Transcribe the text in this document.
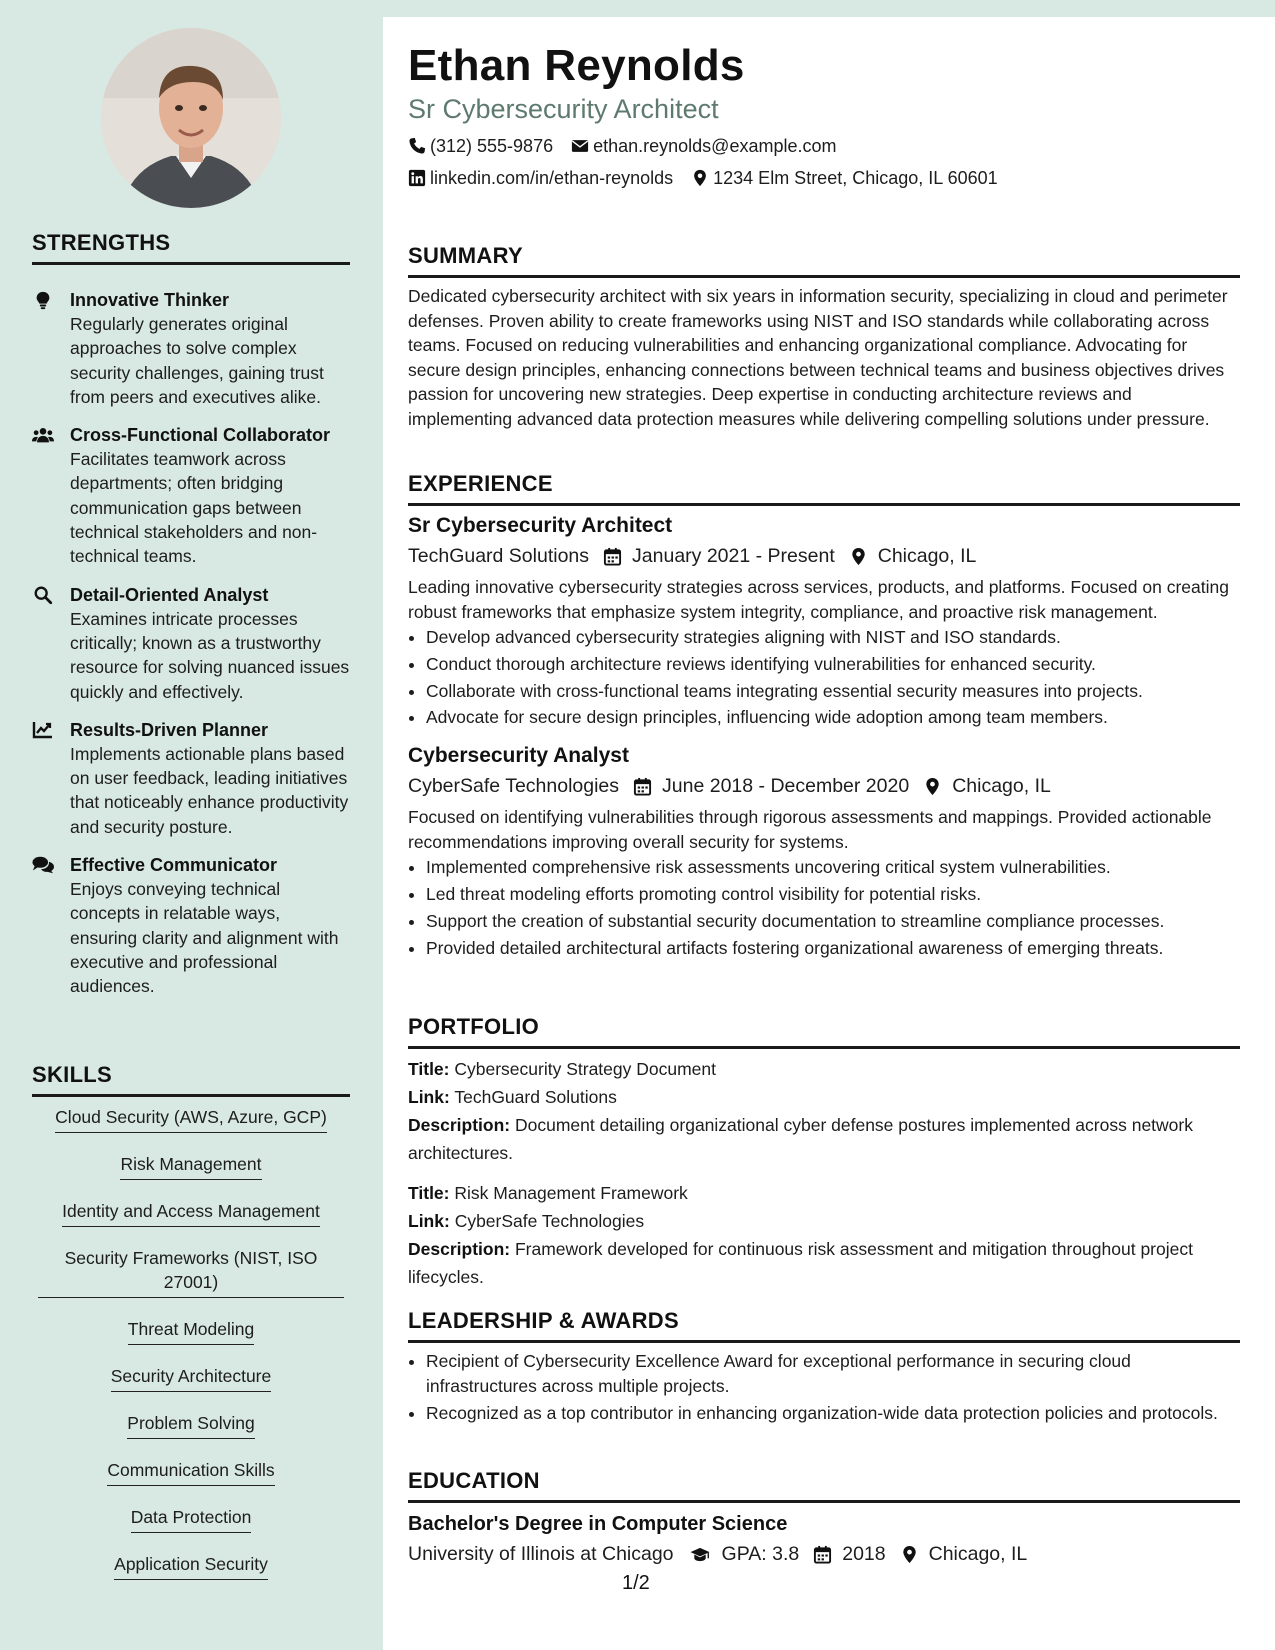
STRENGTHS
Innovative Thinker
Regularly generates original approaches to solve complex security challenges, gaining trust from peers and executives alike.
Cross-Functional Collaborator
Facilitates teamwork across departments; often bridging communication gaps between technical stakeholders and non-technical teams.
Detail-Oriented Analyst
Examines intricate processes critically; known as a trustworthy resource for solving nuanced issues quickly and effectively.
Results-Driven Planner
Implements actionable plans based on user feedback, leading initiatives that noticeably enhance productivity and security posture.
Effective Communicator
Enjoys conveying technical concepts in relatable ways, ensuring clarity and alignment with executive and professional audiences.
SKILLS
Cloud Security (AWS, Azure, GCP)
Risk Management
Identity and Access Management
Security Frameworks (NIST, ISO 27001)
Threat Modeling
Security Architecture
Problem Solving
Communication Skills
Data Protection
Application Security
Ethan Reynolds
Sr Cybersecurity Architect
(312) 555-9876 ethan.reynolds@example.com
linkedin.com/in/ethan-reynolds 1234 Elm Street, Chicago, IL 60601
SUMMARY
Dedicated cybersecurity architect with six years in information security, specializing in cloud and perimeter defenses. Proven ability to create frameworks using NIST and ISO standards while collaborating across teams. Focused on reducing vulnerabilities and enhancing organizational compliance. Advocating for secure design principles, enhancing connections between technical teams and business objectives drives passion for uncovering new strategies. Deep expertise in conducting architecture reviews and implementing advanced data protection measures while delivering compelling solutions under pressure.
EXPERIENCE
Sr Cybersecurity Architect
TechGuard Solutions January 2021 - Present Chicago, IL
Leading innovative cybersecurity strategies across services, products, and platforms. Focused on creating robust frameworks that emphasize system integrity, compliance, and proactive risk management.
• Develop advanced cybersecurity strategies aligning with NIST and ISO standards.
• Conduct thorough architecture reviews identifying vulnerabilities for enhanced security.
• Collaborate with cross-functional teams integrating essential security measures into projects.
• Advocate for secure design principles, influencing wide adoption among team members.
Cybersecurity Analyst
CyberSafe Technologies June 2018 - December 2020 Chicago, IL
Focused on identifying vulnerabilities through rigorous assessments and mappings. Provided actionable recommendations improving overall security for systems.
• Implemented comprehensive risk assessments uncovering critical system vulnerabilities.
• Led threat modeling efforts promoting control visibility for potential risks.
• Support the creation of substantial security documentation to streamline compliance processes.
• Provided detailed architectural artifacts fostering organizational awareness of emerging threats.
PORTFOLIO
Title: Cybersecurity Strategy Document
Link: TechGuard Solutions
Description: Document detailing organizational cyber defense postures implemented across network architectures.
Title: Risk Management Framework
Link: CyberSafe Technologies
Description: Framework developed for continuous risk assessment and mitigation throughout project lifecycles.
LEADERSHIP & AWARDS
• Recipient of Cybersecurity Excellence Award for exceptional performance in securing cloud infrastructures across multiple projects.
• Recognized as a top contributor in enhancing organization-wide data protection policies and protocols.
EDUCATION
Bachelor's Degree in Computer Science
University of Illinois at Chicago GPA: 3.8 2018 Chicago, IL
1/2
